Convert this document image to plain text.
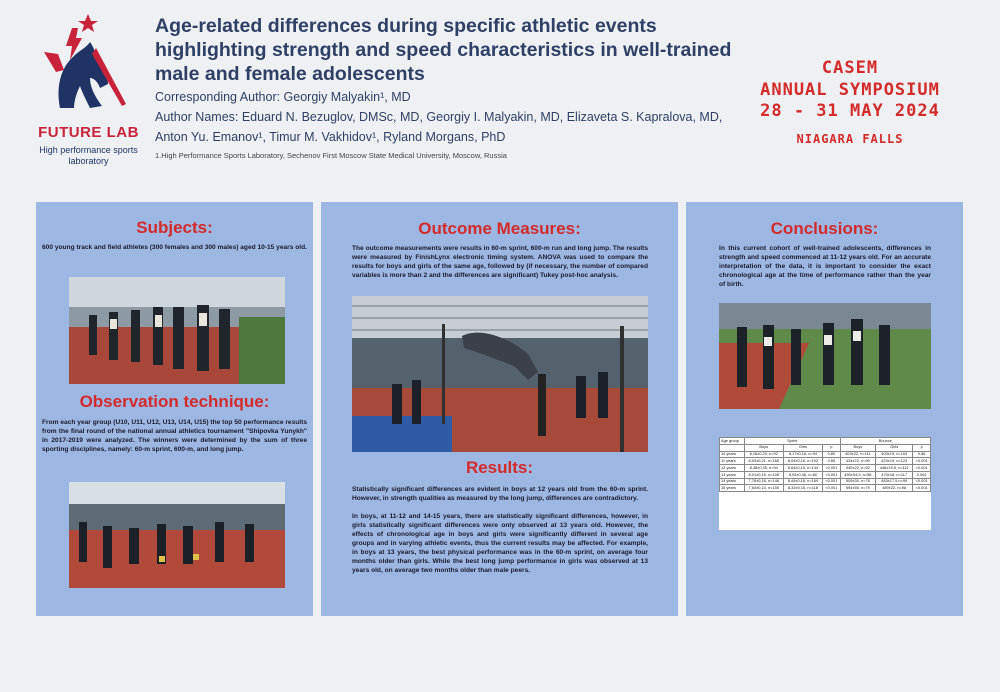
FUTURE LAB
High performance sports
laboratory
Age-related differences during specific athletic events
highlighting strength and speed characteristics in well-trained
male and female adolescents
Corresponding Author: Georgiy Malyakin¹, MD
Author Names: Eduard N. Bezuglov, DMSc, MD, Georgiy I. Malyakin, MD, Elizaveta S. Kapralova, MD,
Anton Yu. Emanov¹, Timur M. Vakhidov¹, Ryland Morgans, PhD
1.High Performance Sports Laboratory, Sechenov First Moscow State Medical University, Moscow, Russia
CASEM
ANNUAL SYMPOSIUM
28 - 31 MAY 2024
NIAGARA FALLS
Subjects:
600 young track and field athletes (300 females and 300 males) aged 10-15 years old.
Observation technique:
From each year group (U10, U11, U12, U13, U14, U15) the top 50 performance results from the final round of the national annual athletics tournament "Shipovka Yunykh" in 2017-2019 were analyzed. The winners were determined by the sum of three sporting disciplines, namely: 60-m sprint, 600-m, and long jump.
Outcome Measures:
The outcome measurements were results in 60-m sprint, 600-m run and long jump. The results were measured by FinishLynx electronic timing system. ANOVA was used to compare the results for boys and girls of the same age, followed by (if necessary, the number of compared variables is more than 2 and the differences are significant) Tukey post-hoc analysis.
Results:
Statistically significant differences are evident in boys at 12 years old from the 60-m sprint. However, in strength qualities as measured by the long jump, differences are contradictory.
In boys, at 11-12 and 14-15 years, there are statistically significant differences, however, in girls statistically significant differences were only observed at 13 years old. However, the effects of chronological age in boys and girls were significantly different in several age groups and in varying athletic events, thus the current results may be affected. For example, in boys at 13 years, the best physical performance was in the 60-m sprint, on average four months older than girls. While the best long jump performance in girls was observed at 13 years old, on average two months older than male peers.
Conclusions:
In this current cohort of well-trained adolescents, differences in strength and speed commenced at 11-12 years old. For an accurate interpretation of the data, it is important to consider the exact chronological age at the time of performance rather than the year of birth.
Age group	Sprint			Bounce		
	Boys	Girls	p	Boys	Girls	p
10 years	8,18±0,20, n=92	8,17±0,16, n=94	0.80	403±22, n=111	403±19, n=104	0.86
11 years	8,09±0,21, n=168	8,04±0,16, n=102	0.85	434±22, n=90	423±19, n=123	<0.001
12 years	8,48±0,35, n=94	8,64±0,15, n=144	<0.001	440±22, n=92	448±19,5, n=111	<0.001
13 years	8,01±0,15, n=108	8,05±0,36, n=60	<0.001	450±54,9, n=58	470±18, n=117	0.062
14 years	7,78±0,16, n=148	8,44±0,16, n=169	<0.001	509±30, n=76	483±17,5 n=99	<0.001
15 years	7,64±0,14, n=155	8,33±0,15, n=118	<0.001	594±50, n=79	489±22, n=98	<0.001
